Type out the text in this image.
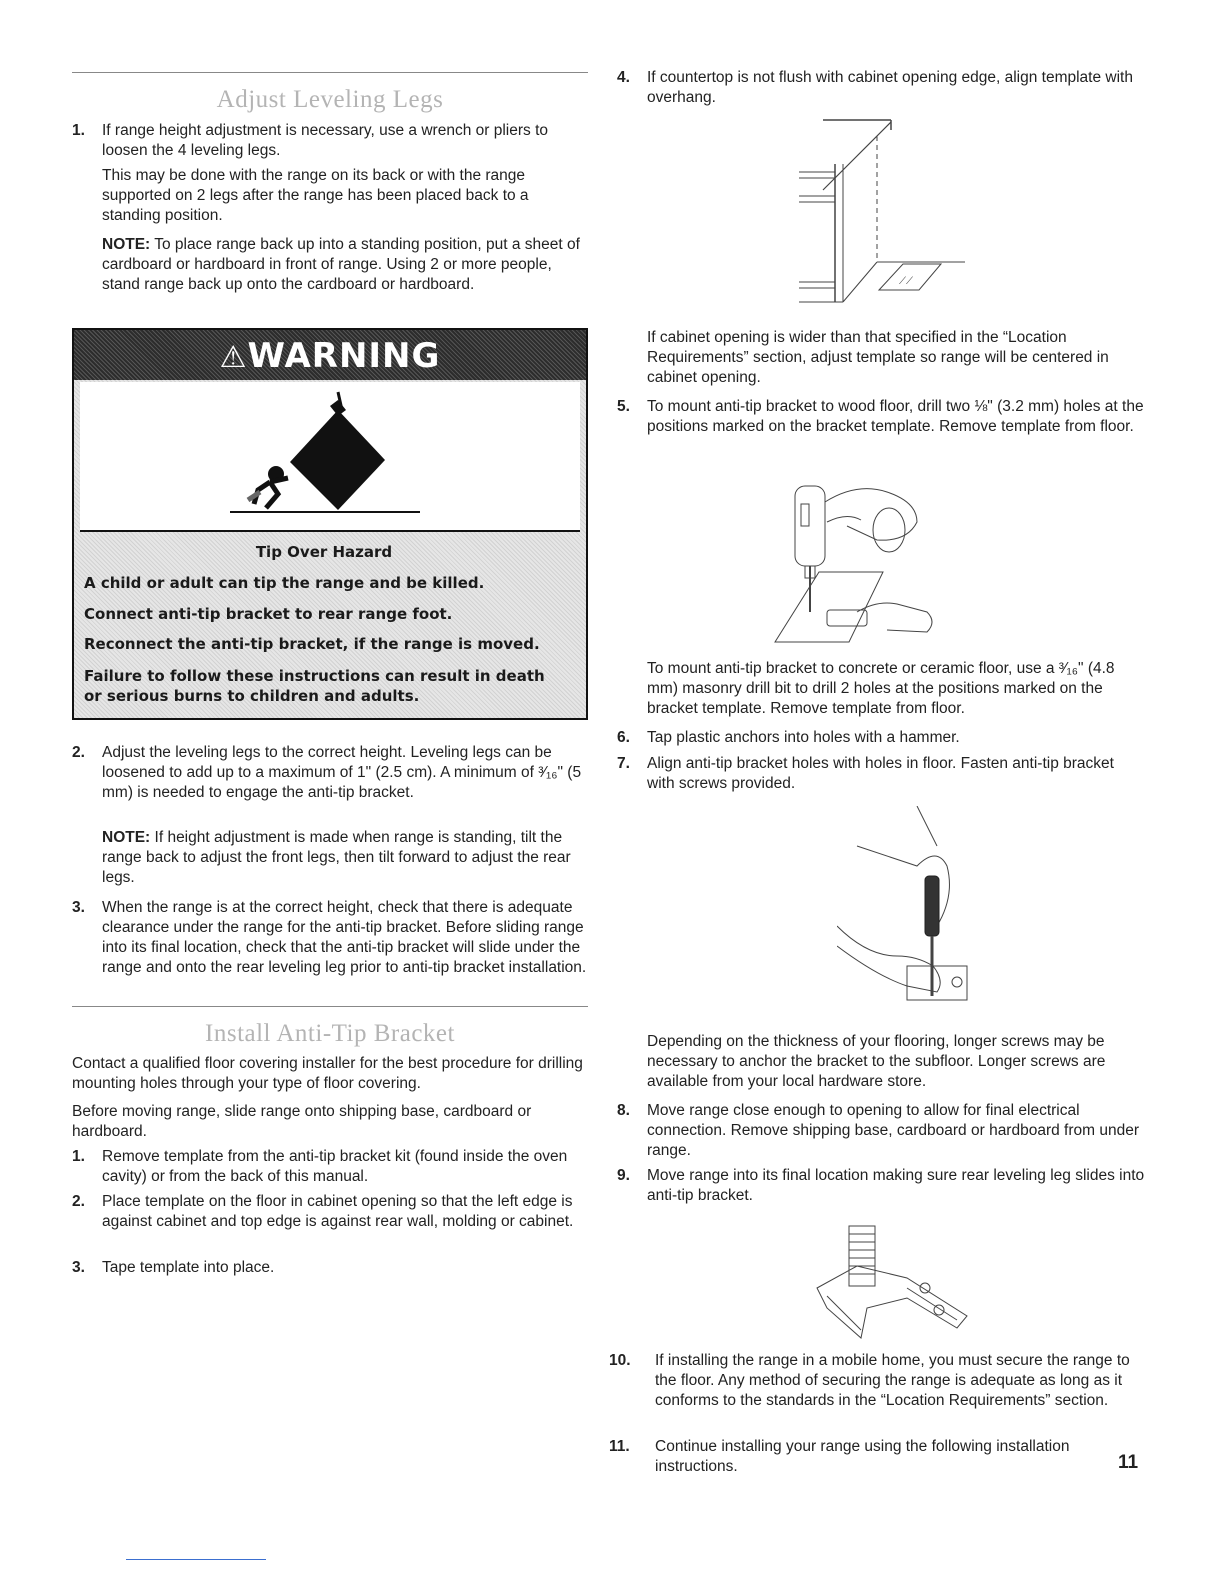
Adjust Leveling Legs
1. If range height adjustment is necessary, use a wrench or pliers to loosen the 4 leveling legs.
This may be done with the range on its back or with the range supported on 2 legs after the range has been placed back to a standing position.
NOTE: To place range back up into a standing position, put a sheet of cardboard or hardboard in front of range. Using 2 or more people, stand range back up onto the cardboard or hardboard.
⚠WARNING
Tip Over Hazard
A child or adult can tip the range and be killed.
Connect anti-tip bracket to rear range foot.
Reconnect the anti-tip bracket, if the range is moved.
Failure to follow these instructions can result in death
or serious burns to children and adults.
2. Adjust the leveling legs to the correct height. Leveling legs can be loosened to add up to a maximum of 1" (2.5 cm). A minimum of ³⁄₁₆" (5 mm) is needed to engage the anti-tip bracket.
NOTE: If height adjustment is made when range is standing, tilt the range back to adjust the front legs, then tilt forward to adjust the rear legs.
3. When the range is at the correct height, check that there is adequate clearance under the range for the anti-tip bracket. Before sliding range into its final location, check that the anti-tip bracket will slide under the range and onto the rear leveling leg prior to anti-tip bracket installation.
Install Anti-Tip Bracket
Contact a qualified floor covering installer for the best procedure for drilling mounting holes through your type of floor covering.
Before moving range, slide range onto shipping base, cardboard or hardboard.
1. Remove template from the anti-tip bracket kit (found inside the oven cavity) or from the back of this manual.
2. Place template on the floor in cabinet opening so that the left edge is against cabinet and top edge is against rear wall, molding or cabinet.
3. Tape template into place.
4. If countertop is not flush with cabinet opening edge, align template with overhang.
⟋⟋
If cabinet opening is wider than that specified in the “Location Requirements” section, adjust template so range will be centered in cabinet opening.
5. To mount anti-tip bracket to wood floor, drill two ⅛" (3.2 mm) holes at the positions marked on the bracket template. Remove template from floor.
To mount anti-tip bracket to concrete or ceramic floor, use a ³⁄₁₆" (4.8 mm) masonry drill bit to drill 2 holes at the positions marked on the bracket template. Remove template from floor.
6. Tap plastic anchors into holes with a hammer.
7. Align anti-tip bracket holes with holes in floor. Fasten anti-tip bracket with screws provided.
Depending on the thickness of your flooring, longer screws may be necessary to anchor the bracket to the subfloor. Longer screws are available from your local hardware store.
8. Move range close enough to opening to allow for final electrical connection. Remove shipping base, cardboard or hardboard from under range.
9. Move range into its final location making sure rear leveling leg slides into anti-tip bracket.
10. If installing the range in a mobile home, you must secure the range to the floor. Any method of securing the range is adequate as long as it conforms to the standards in the “Location Requirements” section.
11. Continue installing your range using the following installation instructions.	11
